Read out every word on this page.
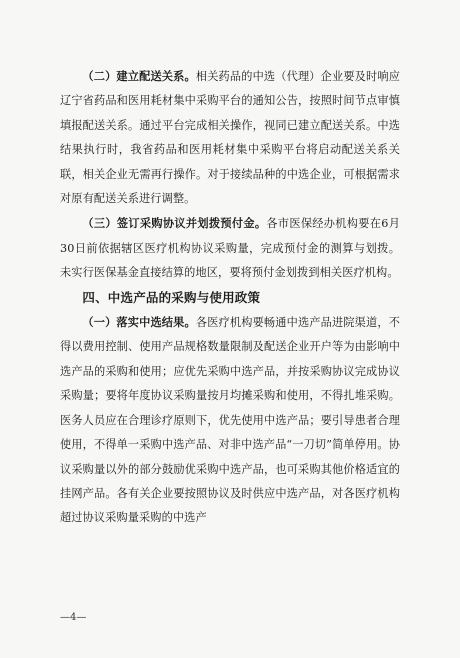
（二）建立配送关系。相关药品的中选（代理）企业要及时响应辽宁省药品和医用耗材集中采购平台的通知公告，按照时间节点审慎填报配送关系。通过平台完成相关操作，视同已建立配送关系。中选结果执行时，我省药品和医用耗材集中采购平台将启动配送关系关联，相关企业无需再行操作。对于接续品种的中选企业，可根据需求对原有配送关系进行调整。

（三）签订采购协议并划拨预付金。各市医保经办机构要在6月30日前依据辖区医疗机构协议采购量，完成预付金的测算与划拨。未实行医保基金直接结算的地区，要将预付金划拨到相关医疗机构。

四、中选产品的采购与使用政策

（一）落实中选结果。各医疗机构要畅通中选产品进院渠道，不得以费用控制、使用产品规格数量限制及配送企业开户等为由影响中选产品的采购和使用；应优先采购中选产品，并按采购协议完成协议采购量；要将年度协议采购量按月均摊采购和使用，不得扎堆采购。医务人员应在合理诊疗原则下，优先使用中选产品；要引导患者合理使用，不得单一采购中选产品、对非中选产品“一刀切”简单停用。协议采购量以外的部分鼓励优采购中选产品，也可采购其他价格适宜的挂网产品。各有关企业要按照协议及时供应中选产品，对各医疗机构超过协议采购量采购的中选产

—4—
